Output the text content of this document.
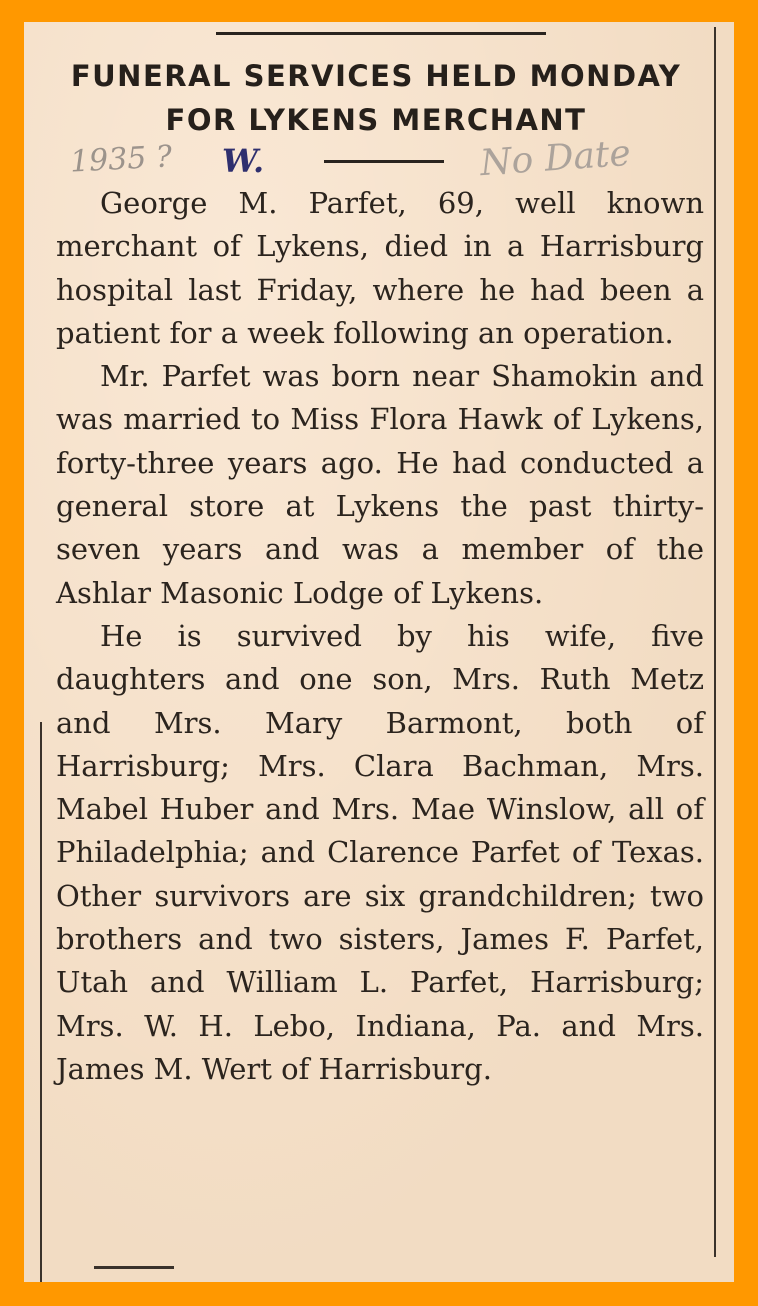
FUNERAL SERVICES HELD MONDAY FOR LYKENS MERCHANT
1935 ? W.	No Date

George M. Parfet, 69, well known merchant of Lykens, died in a Harrisburg hospital last Friday, where he had been a patient for a week following an operation.

Mr. Parfet was born near Shamokin and was married to Miss Flora Hawk of Lykens, forty-three years ago. He had conducted a general store at Lykens the past thirty-seven years and was a member of the Ashlar Masonic Lodge of Lykens.

He is survived by his wife, five daughters and one son, Mrs. Ruth Metz and Mrs. Mary Barmont, both of Harrisburg; Mrs. Clara Bachman, Mrs. Mabel Huber and Mrs. Mae Winslow, all of Philadelphia; and Clarence Parfet of Texas. Other survivors are six grandchildren; two brothers and two sisters, James F. Parfet, Utah and William L. Parfet, Harrisburg; Mrs. W. H. Lebo, Indiana, Pa. and Mrs. James M. Wert of Harrisburg.
